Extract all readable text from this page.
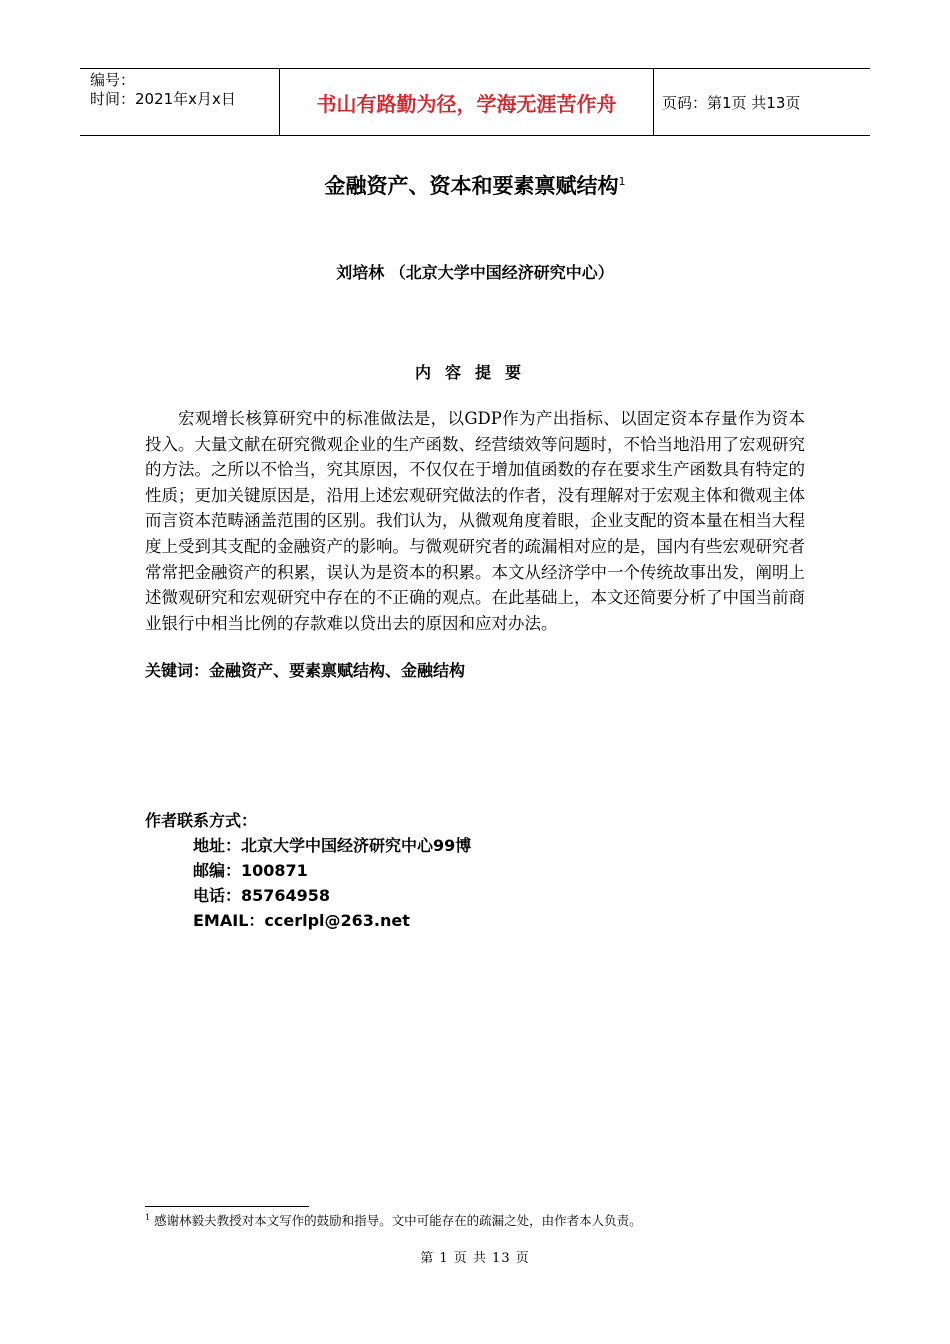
编号：
时间：2021年x月x日	书山有路勤为径，学海无涯苦作舟	页码：第1页 共13页
金融资产、资本和要素禀赋结构$^1$
刘培林 （北京大学中国经济研究中心）
内容提要
宏观增长核算研究中的标准做法是，以GDP作为产出指标、以固定资本存量作为资本投入。大量文献在研究微观企业的生产函数、经营绩效等问题时，不恰当地沿用了宏观研究的方法。之所以不恰当，究其原因，不仅仅在于增加值函数的存在要求生产函数具有特定的性质；更加关键原因是，沿用上述宏观研究做法的作者，没有理解对于宏观主体和微观主体而言资本范畴涵盖范围的区别。我们认为，从微观角度着眼，企业支配的资本量在相当大程度上受到其支配的金融资产的影响。与微观研究者的疏漏相对应的是，国内有些宏观研究者常常把金融资产的积累，误认为是资本的积累。本文从经济学中一个传统故事出发，阐明上述微观研究和宏观研究中存在的不正确的观点。在此基础上，本文还简要分析了中国当前商业银行中相当比例的存款难以贷出去的原因和应对办法。
关键词：金融资产、要素禀赋结构、金融结构
作者联系方式：
地址：北京大学中国经济研究中心99博
邮编：100871
电话：85764958
EMAIL：ccerlpl@263.net
$^1$ 感谢林毅夫教授对本文写作的鼓励和指导。文中可能存在的疏漏之处，由作者本人负责。
第 1 页 共 13 页
